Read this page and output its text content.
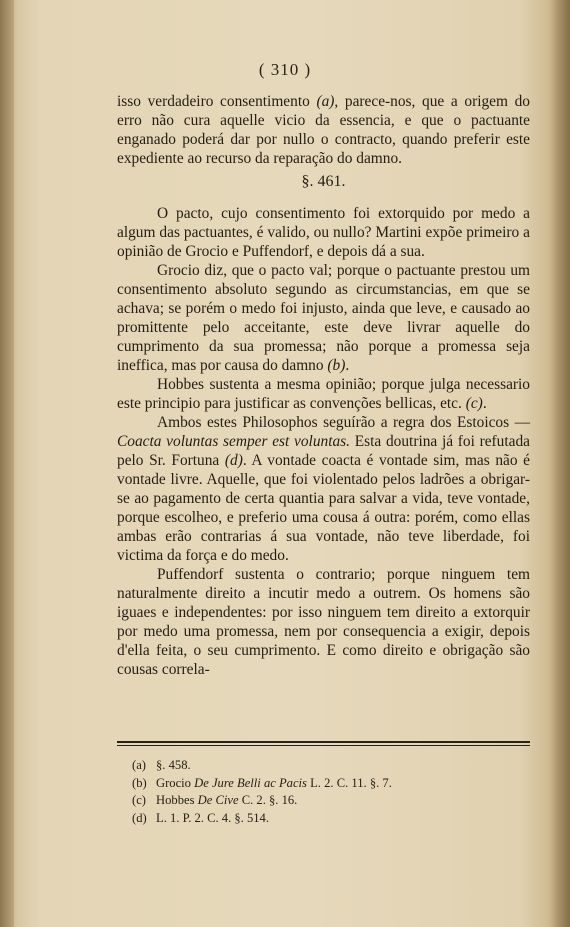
( 310 )

isso verdadeiro consentimento (a), parece-nos, que a origem do erro não cura aquelle vicio da essencia, e que o pactuante enganado poderá dar por nullo o contracto, quando preferir este expediente ao recurso da reparação do damno.

§. 461.

O pacto, cujo consentimento foi extorquido por medo a algum das pactuantes, é valido, ou nullo? Martini expõe primeiro a opinião de Grocio e Puffendorf, e depois dá a sua.

Grocio diz, que o pacto val; porque o pactuante prestou um consentimento absoluto segundo as circumstancias, em que se achava; se porém o medo foi injusto, ainda que leve, e causado ao promittente pelo acceitante, este deve livrar aquelle do cumprimento da sua promessa; não porque a promessa seja ineffica, mas por causa do damno (b).

Hobbes sustenta a mesma opinião; porque julga necessario este principio para justificar as convenções bellicas, etc. (c).

Ambos estes Philosophos seguírão a regra dos Estoicos — Coacta voluntas semper est voluntas. Esta doutrina já foi refutada pelo Sr. Fortuna (d). A vontade coacta é vontade sim, mas não é vontade livre. Aquelle, que foi violentado pelos ladrões a obrigar-se ao pagamento de certa quantia para salvar a vida, teve vontade, porque escolheo, e preferio uma cousa á outra: porém, como ellas ambas erão contrarias á sua vontade, não teve liberdade, foi victima da força e do medo.

Puffendorf sustenta o contrario; porque ninguem tem naturalmente direito a incutir medo a outrem. Os homens são iguaes e independentes: por isso ninguem tem direito a extorquir por medo uma promessa, nem por consequencia a exigir, depois d'ella feita, o seu cumprimento. E como direito e obrigação são cousas correla-

(a) §. 458.
(b) Grocio De Jure Belli ac Pacis L. 2. C. 11. §. 7.
(c) Hobbes De Cive C. 2. §. 16.
(d) L. 1. P. 2. C. 4. §. 514.
